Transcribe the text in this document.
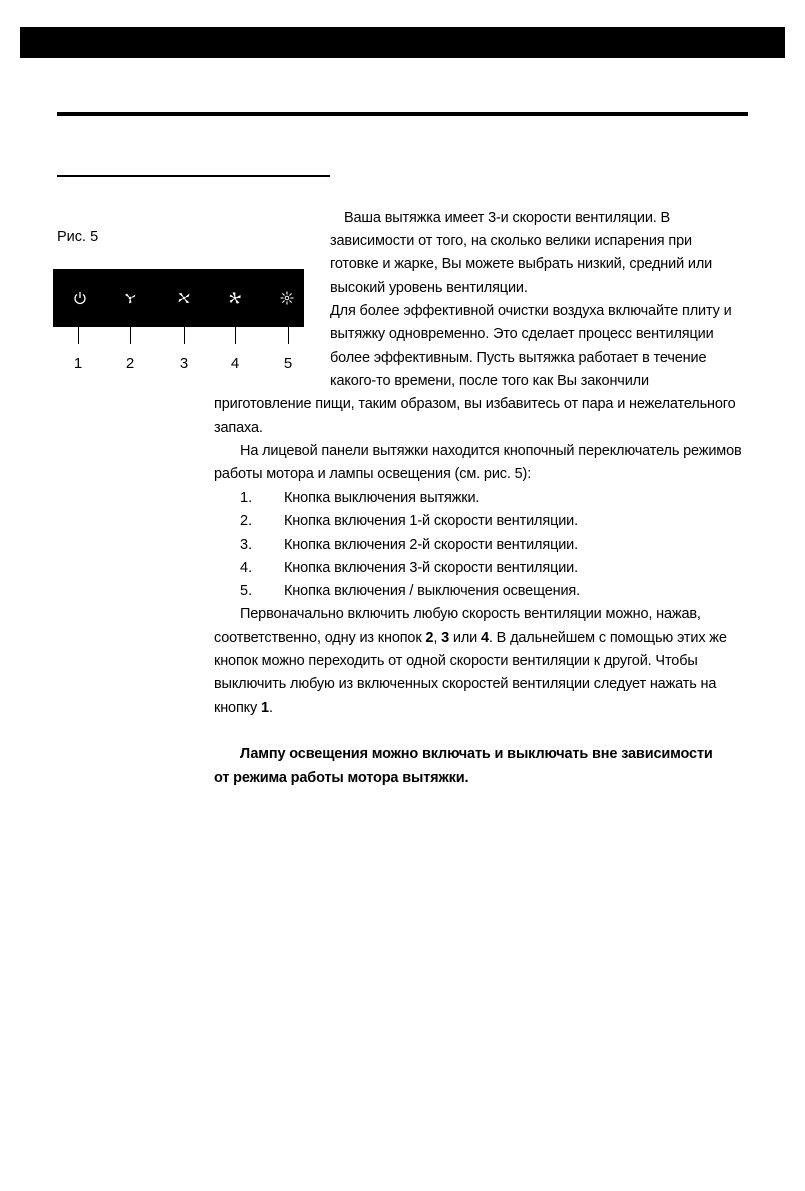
Рис. 5
1	2	3	4	5
Ваша вытяжка имеет 3-и скорости вентиляции. В
зависимости от того, на сколько велики испарения при
готовке и жарке, Вы можете выбрать низкий, средний или
высокий уровень вентиляции.
Для более эффективной очистки воздуха включайте плиту и
вытяжку одновременно. Это сделает процесс вентиляции
более эффективным. Пусть вытяжка работает в течение
какого-то времени, после того как Вы закончили
приготовление пищи, таким образом, вы избавитесь от пара и нежелательного
запаха.
На лицевой панели вытяжки находится кнопочный переключатель режимов
работы мотора и лампы освещения (см. рис. 5):
1. Кнопка выключения вытяжки.
2. Кнопка включения 1-й скорости вентиляции.
3. Кнопка включения 2-й скорости вентиляции.
4. Кнопка включения 3-й скорости вентиляции.
5. Кнопка включения / выключения освещения.
Первоначально включить любую скорость вентиляции можно, нажав,
соответственно, одну из кнопок 2, 3 или 4. В дальнейшем с помощью этих же
кнопок можно переходить от одной скорости вентиляции к другой. Чтобы
выключить любую из включенных скоростей вентиляции следует нажать на
кнопку 1.
Лампу освещения можно включать и выключать вне зависимости
от режима работы мотора вытяжки.
